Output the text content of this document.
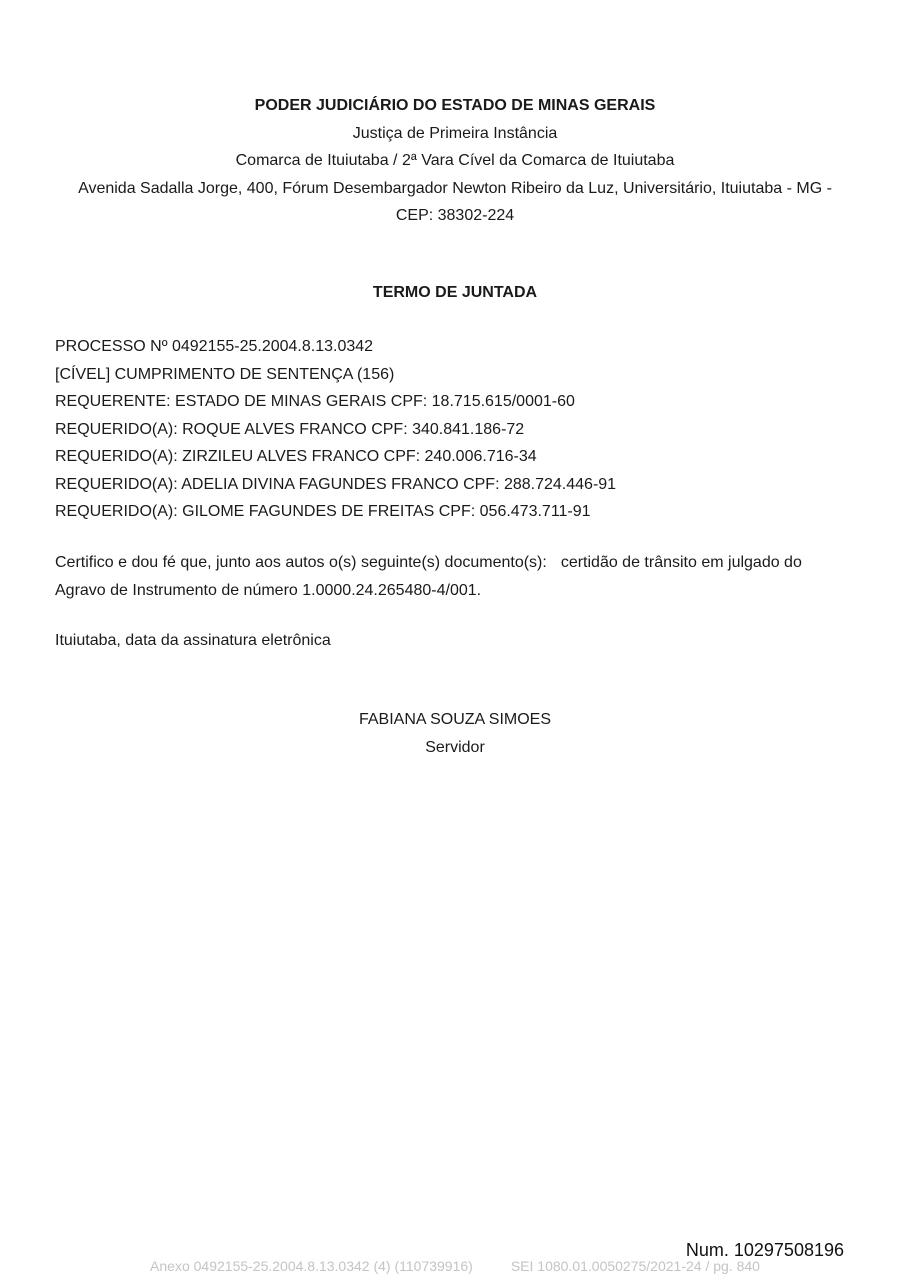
PODER JUDICIÁRIO DO ESTADO DE MINAS GERAIS
Justiça de Primeira Instância
Comarca de Ituiutaba / 2ª Vara Cível da Comarca de Ituiutaba
Avenida Sadalla Jorge, 400, Fórum Desembargador Newton Ribeiro da Luz, Universitário, Ituiutaba - MG -
CEP: 38302-224
TERMO DE JUNTADA
PROCESSO Nº 0492155-25.2004.8.13.0342
[CÍVEL] CUMPRIMENTO DE SENTENÇA (156)
REQUERENTE: ESTADO DE MINAS GERAIS CPF: 18.715.615/0001-60
REQUERIDO(A): ROQUE ALVES FRANCO CPF: 340.841.186-72
REQUERIDO(A): ZIRZILEU ALVES FRANCO CPF: 240.006.716-34
REQUERIDO(A): ADELIA DIVINA FAGUNDES FRANCO CPF: 288.724.446-91
REQUERIDO(A): GILOME FAGUNDES DE FREITAS CPF: 056.473.711-91
Certifico e dou fé que, junto aos autos o(s) seguinte(s) documento(s): certidão de trânsito em julgado do Agravo de Instrumento de número 1.0000.24.265480-4/001.
Ituiutaba, data da assinatura eletrônica
FABIANA SOUZA SIMOES
Servidor
Num. 10297508196
Anexo 0492155-25.2004.8.13.0342 (4) (110739916)	SEI 1080.01.0050275/2021-24 / pg. 840
